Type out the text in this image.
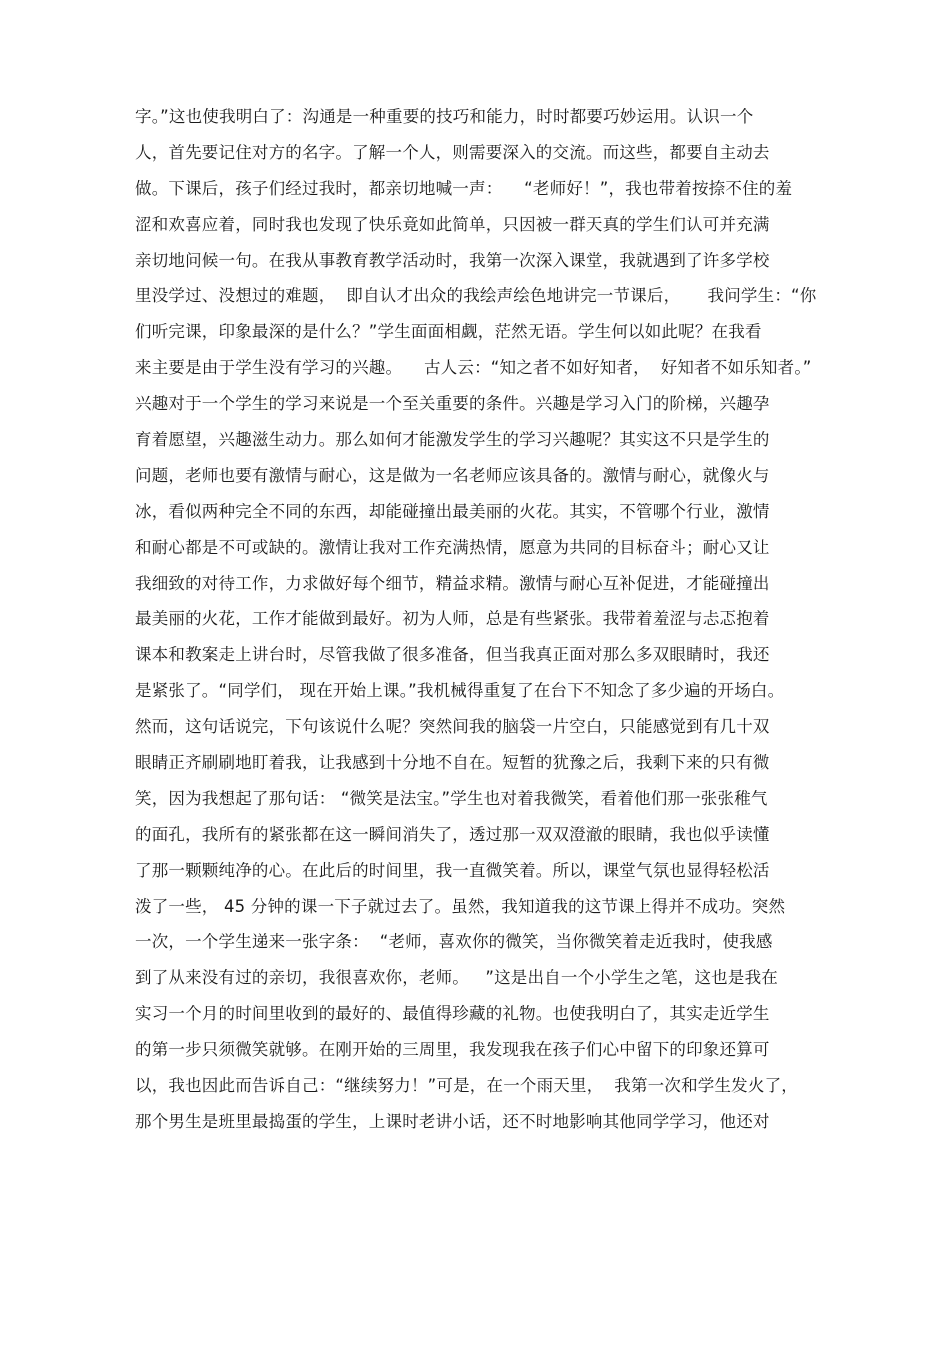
字。”这也使我明白了：沟通是一种重要的技巧和能力，时时都要巧妙运用。认识一个
人，首先要记住对方的名字。了解一个人，则需要深入的交流。而这些，都要自主动去
做。下课后，孩子们经过我时，都亲切地喊一声：    “老师好！”，我也带着按捺不住的羞
涩和欢喜应着，同时我也发现了快乐竟如此简单，只因被一群天真的学生们认可并充满
亲切地问候一句。在我从事教育教学活动时，我第一次深入课堂，我就遇到了许多学校
里没学过、没想过的难题，  即自认才出众的我绘声绘色地讲完一节课后，     我问学生：“你
们听完课，印象最深的是什么？”学生面面相觑，茫然无语。学生何以如此呢？在我看
来主要是由于学生没有学习的兴趣。    古人云：“知之者不如好知者，  好知者不如乐知者。”
兴趣对于一个学生的学习来说是一个至关重要的条件。兴趣是学习入门的阶梯，兴趣孕
育着愿望，兴趣滋生动力。那么如何才能激发学生的学习兴趣呢？其实这不只是学生的
问题，老师也要有激情与耐心，这是做为一名老师应该具备的。激情与耐心，就像火与
冰，看似两种完全不同的东西，却能碰撞出最美丽的火花。其实，不管哪个行业，激情
和耐心都是不可或缺的。激情让我对工作充满热情，愿意为共同的目标奋斗；耐心又让
我细致的对待工作，力求做好每个细节，精益求精。激情与耐心互补促进，才能碰撞出
最美丽的火花，工作才能做到最好。初为人师，总是有些紧张。我带着羞涩与忐忑抱着
课本和教案走上讲台时，尽管我做了很多准备，但当我真正面对那么多双眼睛时，我还
是紧张了。“同学们， 现在开始上课。”我机械得重复了在台下不知念了多少遍的开场白。
然而，这句话说完，下句该说什么呢？突然间我的脑袋一片空白，只能感觉到有几十双
眼睛正齐刷刷地盯着我，让我感到十分地不自在。短暂的犹豫之后，我剩下来的只有微
笑，因为我想起了那句话： “微笑是法宝。”学生也对着我微笑，看着他们那一张张稚气
的面孔，我所有的紧张都在这一瞬间消失了，透过那一双双澄澈的眼睛，我也似乎读懂
了那一颗颗纯净的心。在此后的时间里，我一直微笑着。所以，课堂气氛也显得轻松活
泼了一些， 45 分钟的课一下子就过去了。虽然，我知道我的这节课上得并不成功。突然
一次，一个学生递来一张字条：  “老师，喜欢你的微笑，当你微笑着走近我时，使我感
到了从来没有过的亲切，我很喜欢你，老师。   ”这是出自一个小学生之笔，这也是我在
实习一个月的时间里收到的最好的、最值得珍藏的礼物。也使我明白了，其实走近学生
的第一步只须微笑就够。在刚开始的三周里，我发现我在孩子们心中留下的印象还算可
以，我也因此而告诉自己：“继续努力！”可是，在一个雨天里，  我第一次和学生发火了，
那个男生是班里最捣蛋的学生，上课时老讲小话，还不时地影响其他同学学习，他还对
